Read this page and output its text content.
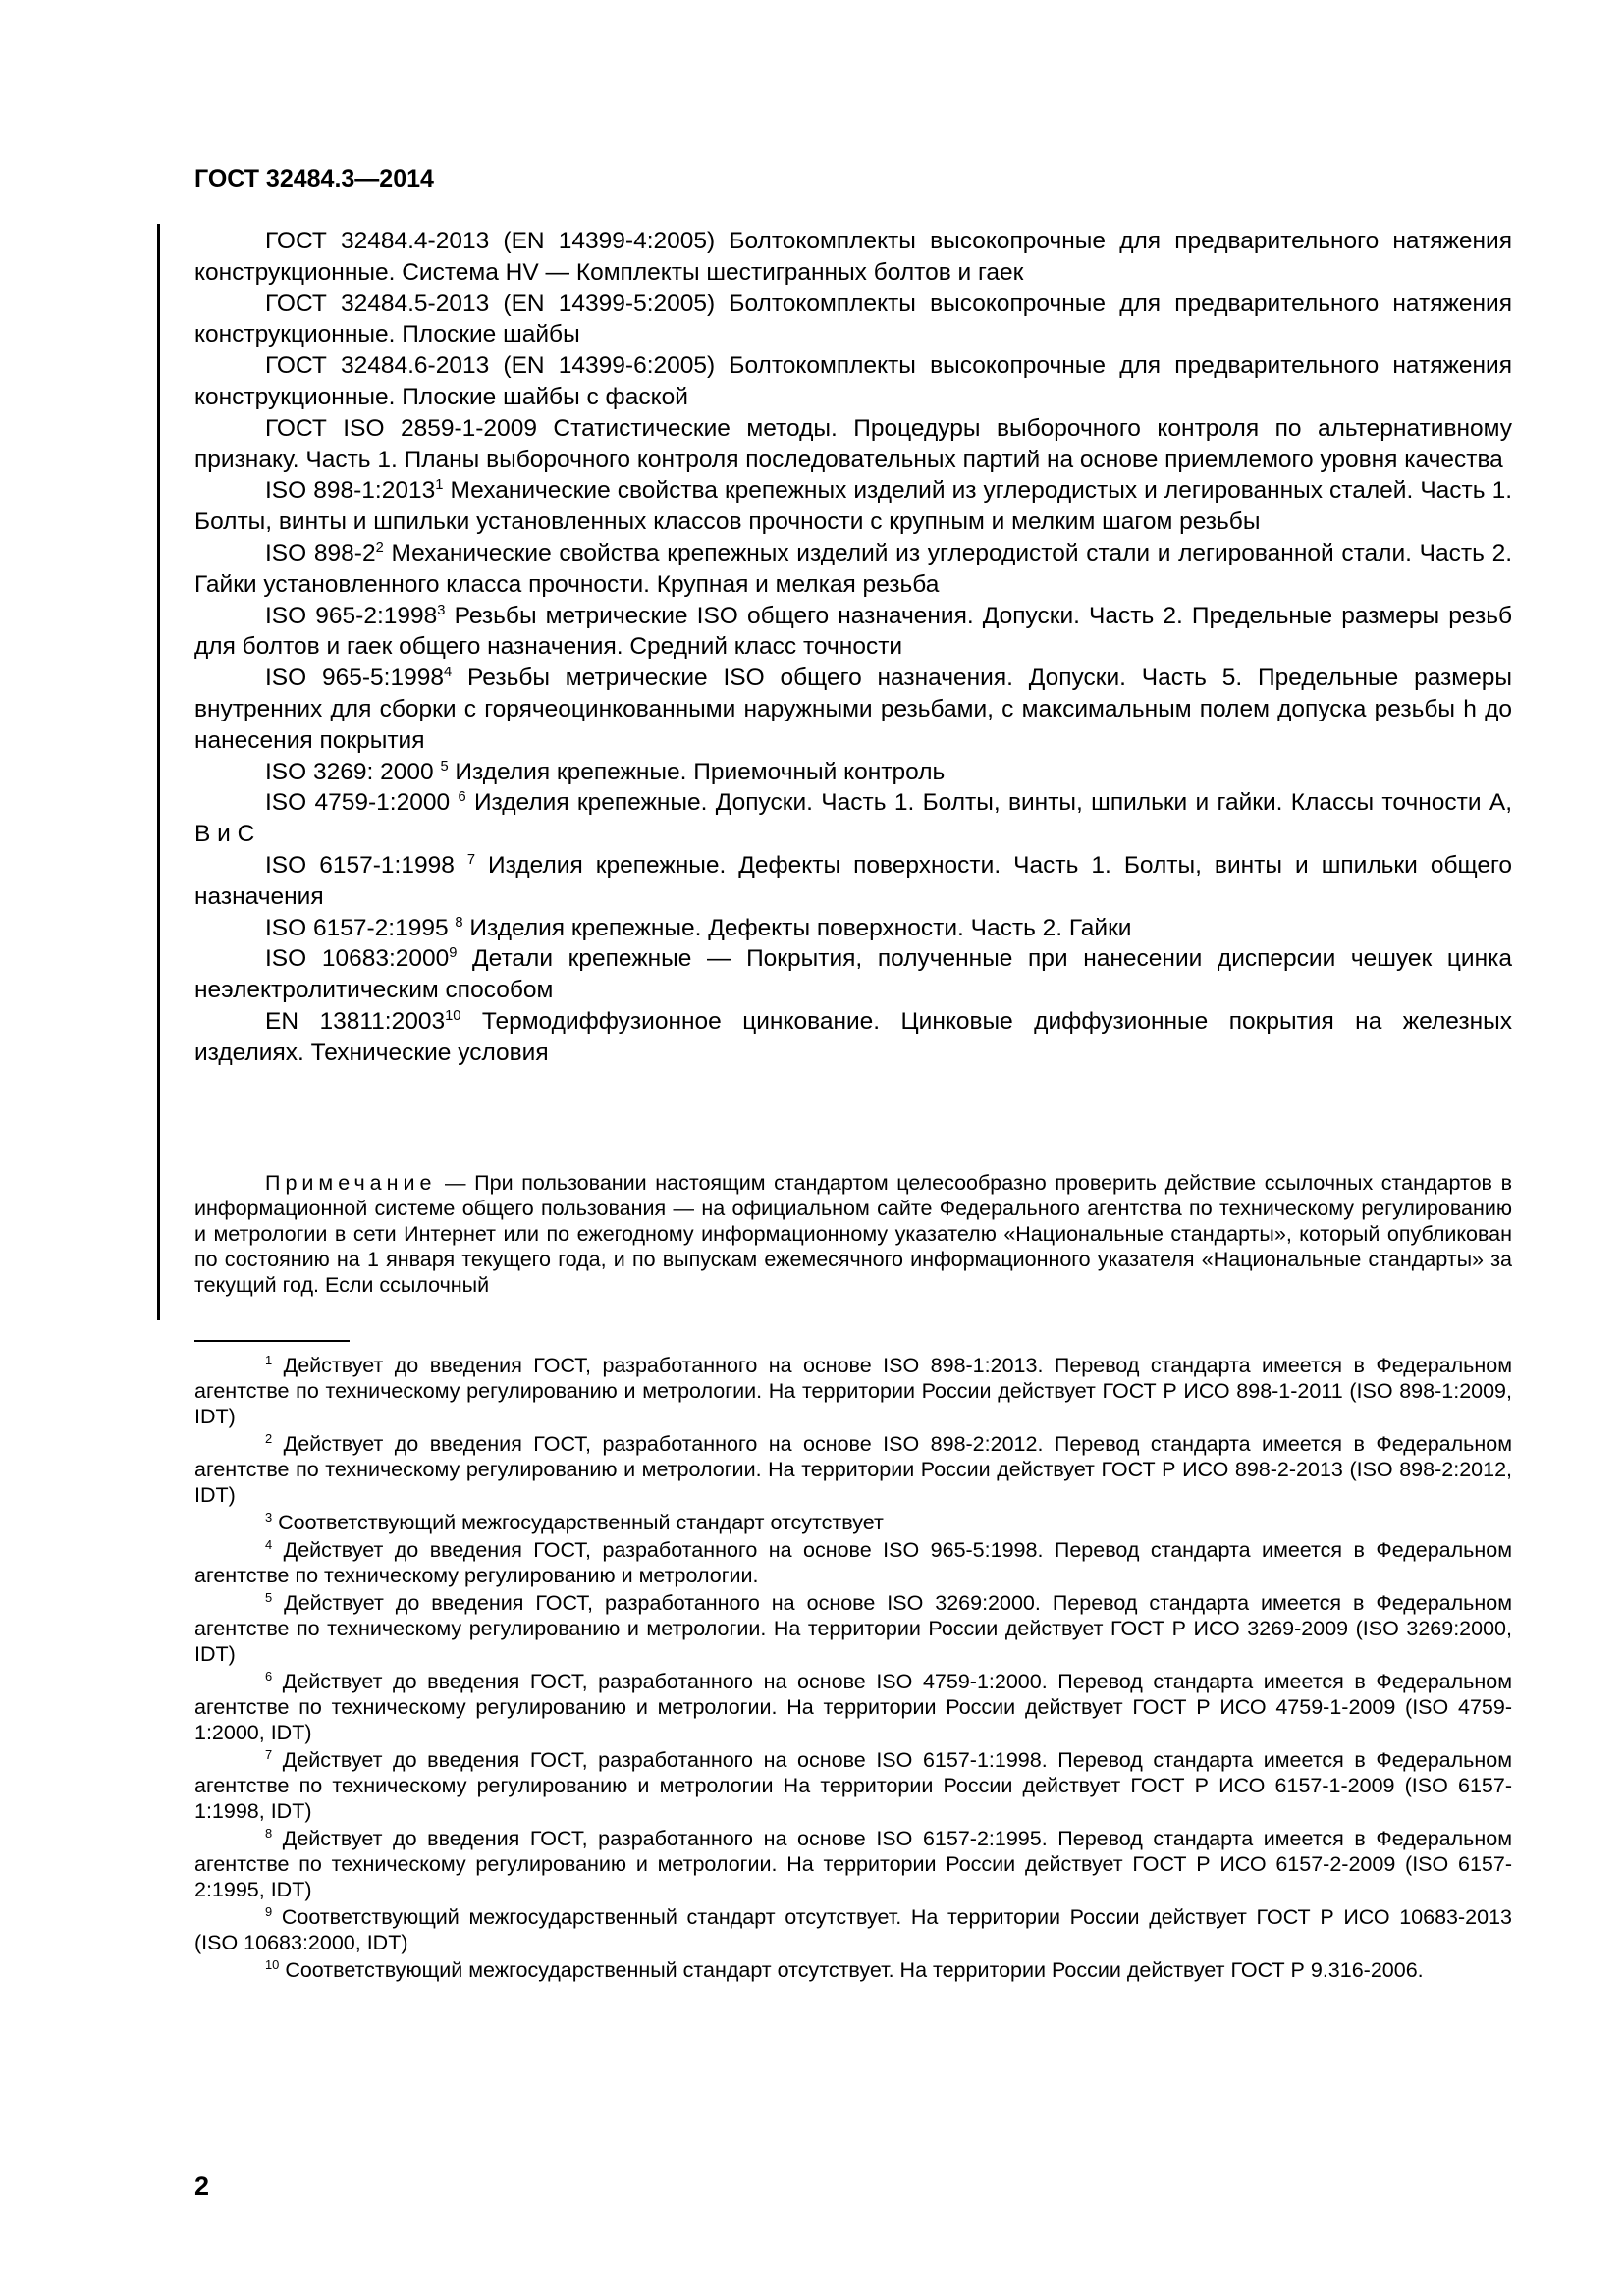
ГОСТ 32484.3—2014

ГОСТ 32484.4-2013 (EN 14399-4:2005) Болтокомплекты высокопрочные для предварительного натяжения конструкционные. Система HV — Комплекты шестигранных болтов и гаек

ГОСТ 32484.5-2013 (EN 14399-5:2005) Болтокомплекты высокопрочные для предварительного натяжения конструкционные. Плоские шайбы

ГОСТ 32484.6-2013 (EN 14399-6:2005) Болтокомплекты высокопрочные для предварительного натяжения конструкционные. Плоские шайбы с фаской

ГОСТ ISO 2859-1-2009 Статистические методы. Процедуры выборочного контроля по альтернативному признаку. Часть 1. Планы выборочного контроля последовательных партий на основе приемлемого уровня качества

ISO 898-1:2013$^1$ Механические свойства крепежных изделий из углеродистых и легированных сталей. Часть 1. Болты, винты и шпильки установленных классов прочности с крупным и мелким шагом резьбы

ISO $898-2^2$ Механические свойства крепежных изделий из углеродистой стали и легированной стали. Часть 2. Гайки установленного класса прочности. Крупная и мелкая резьба

ISO 965-2:1998$^3$ Резьбы метрические ISO общего назначения. Допуски. Часть 2. Предельные размеры резьб для болтов и гаек общего назначения. Средний класс точности

ISO 965-5:1998$^4$ Резьбы метрические ISO общего назначения. Допуски. Часть 5. Предельные размеры внутренних для сборки с горячеоцинкованными наружными резьбами, с максимальным полем допуска резьбы h до нанесения покрытия

ISO 3269: 2000 $^5$ Изделия крепежные. Приемочный контроль

ISO 4759-1:2000 $^6$ Изделия крепежные. Допуски. Часть 1. Болты, винты, шпильки и гайки. Классы точности A, B и C

ISO 6157-1:1998 $^7$ Изделия крепежные. Дефекты поверхности. Часть 1. Болты, винты и шпильки общего назначения

ISO 6157-2:1995 $^8$ Изделия крепежные. Дефекты поверхности. Часть 2. Гайки

ISO 10683:2000$^9$ Детали крепежные — Покрытия, полученные при нанесении дисперсии чешуек цинка неэлектролитическим способом

EN 13811:2003$^{10}$ Термодиффузионное цинкование. Цинковые диффузионные покрытия на железных изделиях. Технические условия

Примечание — При пользовании настоящим стандартом целесообразно проверить действие ссылочных стандартов в информационной системе общего пользования — на официальном сайте Федерального агентства по техническому регулированию и метрологии в сети Интернет или по ежегодному информационному указателю «Национальные стандарты», который опубликован по состоянию на 1 января текущего года, и по выпускам ежемесячного информационного указателя «Национальные стандарты» за текущий год. Если ссылочный

$^1$ Действует до введения ГОСТ, разработанного на основе ISO 898-1:2013. Перевод стандарта имеется в Федеральном агентстве по техническому регулированию и метрологии. На территории России действует ГОСТ Р ИСО 898-1-2011 (ISO 898-1:2009, IDT)

$^2$ Действует до введения ГОСТ, разработанного на основе ISO 898-2:2012. Перевод стандарта имеется в Федеральном агентстве по техническому регулированию и метрологии. На территории России действует ГОСТ Р ИСО 898-2-2013 (ISO 898-2:2012, IDT)

$^3$ Соответствующий межгосударственный стандарт отсутствует

$^4$ Действует до введения ГОСТ, разработанного на основе ISO 965-5:1998. Перевод стандарта имеется в Федеральном агентстве по техническому регулированию и метрологии.

$^5$ Действует до введения ГОСТ, разработанного на основе ISO 3269:2000. Перевод стандарта имеется в Федеральном агентстве по техническому регулированию и метрологии. На территории России действует ГОСТ Р ИСО 3269-2009 (ISO 3269:2000, IDT)

$^6$ Действует до введения ГОСТ, разработанного на основе ISO 4759-1:2000. Перевод стандарта имеется в Федеральном агентстве по техническому регулированию и метрологии. На территории России действует ГОСТ Р ИСО 4759-1-2009 (ISO 4759-1:2000, IDT)

$^7$ Действует до введения ГОСТ, разработанного на основе ISO 6157-1:1998. Перевод стандарта имеется в Федеральном агентстве по техническому регулированию и метрологии На территории России действует ГОСТ Р ИСО 6157-1-2009 (ISO 6157-1:1998, IDT)

$^8$ Действует до введения ГОСТ, разработанного на основе ISO 6157-2:1995. Перевод стандарта имеется в Федеральном агентстве по техническому регулированию и метрологии. На территории России действует ГОСТ Р ИСО 6157-2-2009 (ISO 6157-2:1995, IDT)

$^9$ Соответствующий межгосударственный стандарт отсутствует. На территории России действует ГОСТ Р ИСО 10683-2013 (ISO 10683:2000, IDT)

$^{10}$ Соответствующий межгосударственный стандарт отсутствует. На территории России действует ГОСТ Р 9.316-2006.

2
